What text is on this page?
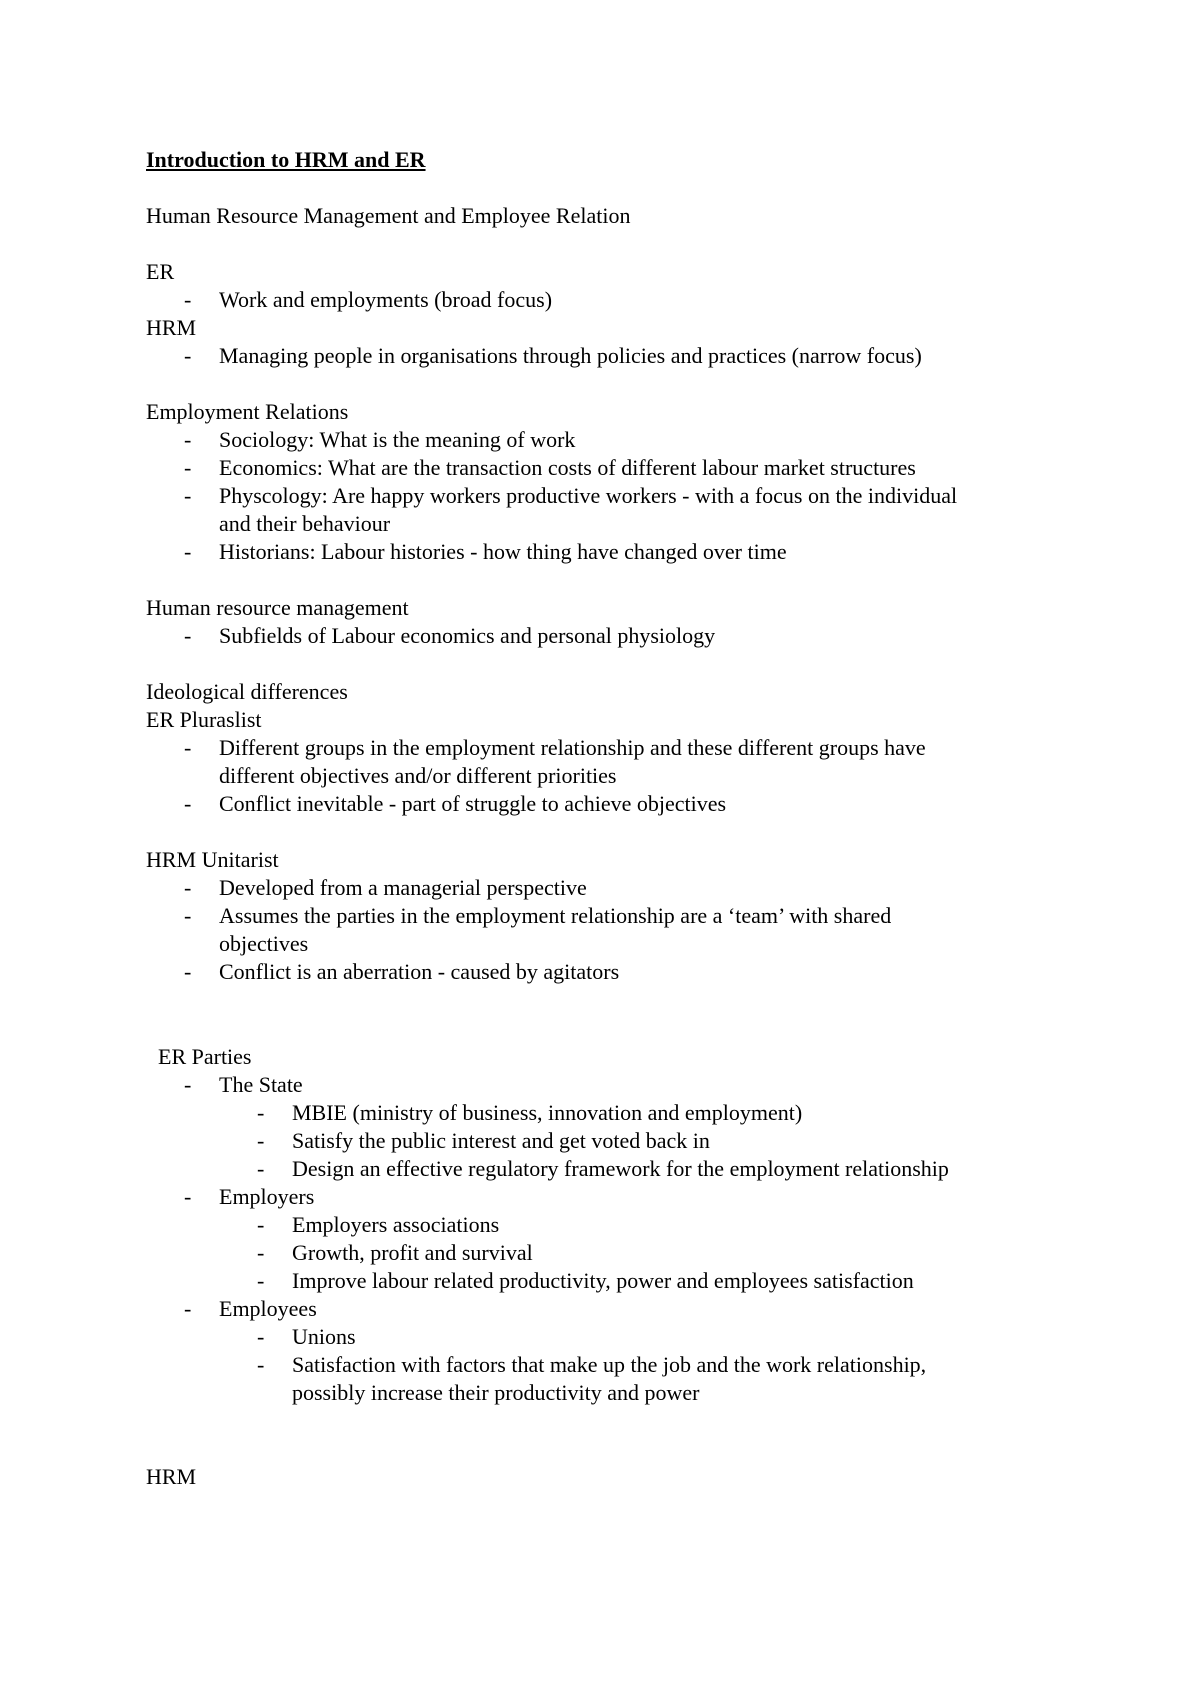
Introduction to HRM and ER
Human Resource Management and Employee Relation
ER
- Work and employments (broad focus)
HRM
- Managing people in organisations through policies and practices (narrow focus)
Employment Relations
- Sociology: What is the meaning of work
- Economics: What are the transaction costs of different labour market structures
- Physcology: Are happy workers productive workers - with a focus on the individual
and their behaviour
- Historians: Labour histories - how thing have changed over time
Human resource management
- Subfields of Labour economics and personal physiology
Ideological differences
ER Pluraslist
- Different groups in the employment relationship and these different groups have
different objectives and/or different priorities
- Conflict inevitable - part of struggle to achieve objectives
HRM Unitarist
- Developed from a managerial perspective
- Assumes the parties in the employment relationship are a ‘team’ with shared
objectives
- Conflict is an aberration - caused by agitators
ER Parties
- The State
- MBIE (ministry of business, innovation and employment)
- Satisfy the public interest and get voted back in
- Design an effective regulatory framework for the employment relationship
- Employers
- Employers associations
- Growth, profit and survival
- Improve labour related productivity, power and employees satisfaction
- Employees
- Unions
- Satisfaction with factors that make up the job and the work relationship,
possibly increase their productivity and power
HRM
